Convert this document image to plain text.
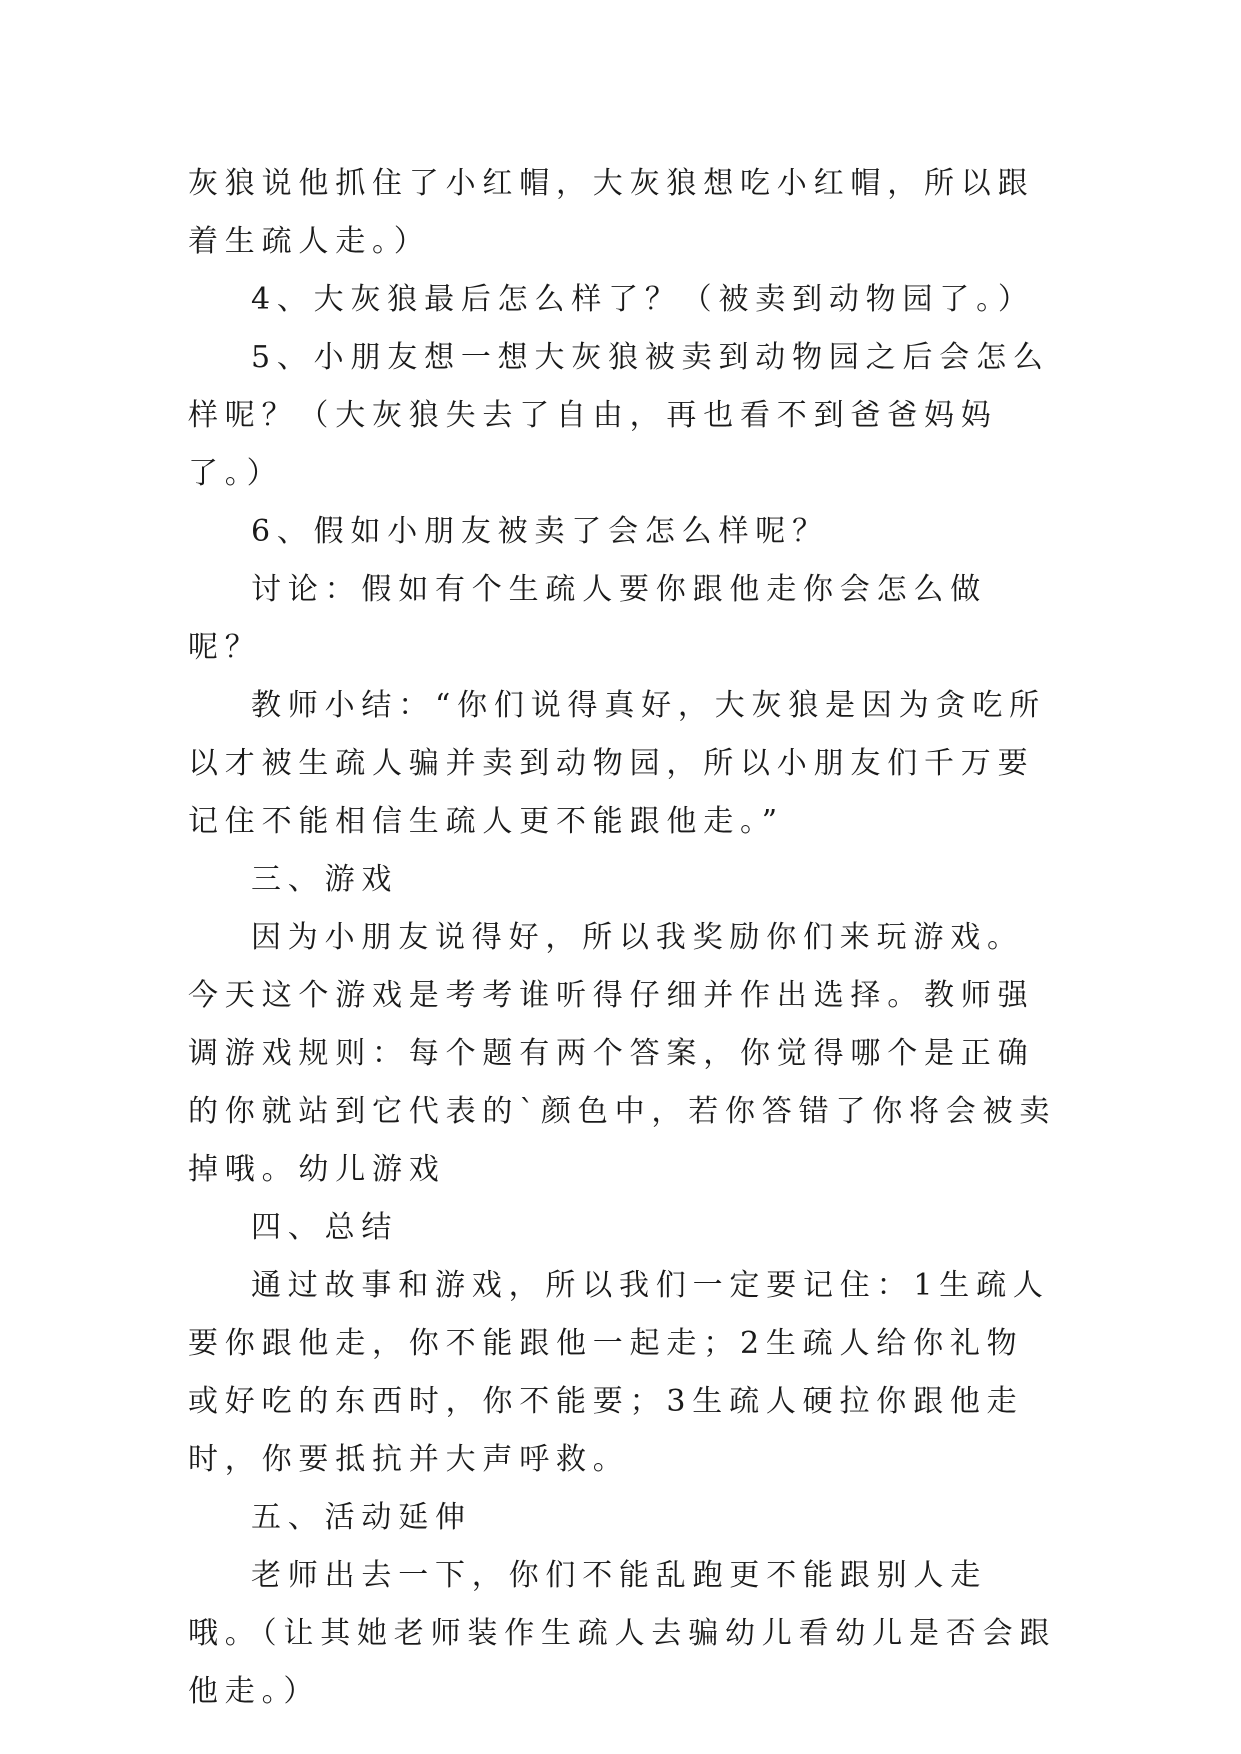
灰狼说他抓住了小红帽，大灰狼想吃小红帽，所以跟着生疏人走。）

4、大灰狼最后怎么样了？（被卖到动物园了。）

5、小朋友想一想大灰狼被卖到动物园之后会怎么样呢？（大灰狼失去了自由，再也看不到爸爸妈妈了。）

6、假如小朋友被卖了会怎么样呢？

讨论：假如有个生疏人要你跟他走你会怎么做呢？

教师小结：“你们说得真好，大灰狼是因为贪吃所以才被生疏人骗并卖到动物园，所以小朋友们千万要记住不能相信生疏人更不能跟他走。”

三、游戏

因为小朋友说得好，所以我奖励你们来玩游戏。今天这个游戏是考考谁听得仔细并作出选择。教师强调游戏规则：每个题有两个答案，你觉得哪个是正确的你就站到它代表的`颜色中，若你答错了你将会被卖掉哦。幼儿游戏

四、总结

通过故事和游戏，所以我们一定要记住：1生疏人要你跟他走，你不能跟他一起走；2生疏人给你礼物或好吃的东西时，你不能要；3生疏人硬拉你跟他走时，你要抵抗并大声呼救。

五、活动延伸

老师出去一下，你们不能乱跑更不能跟别人走哦。（让其她老师装作生疏人去骗幼儿看幼儿是否会跟他走。）
